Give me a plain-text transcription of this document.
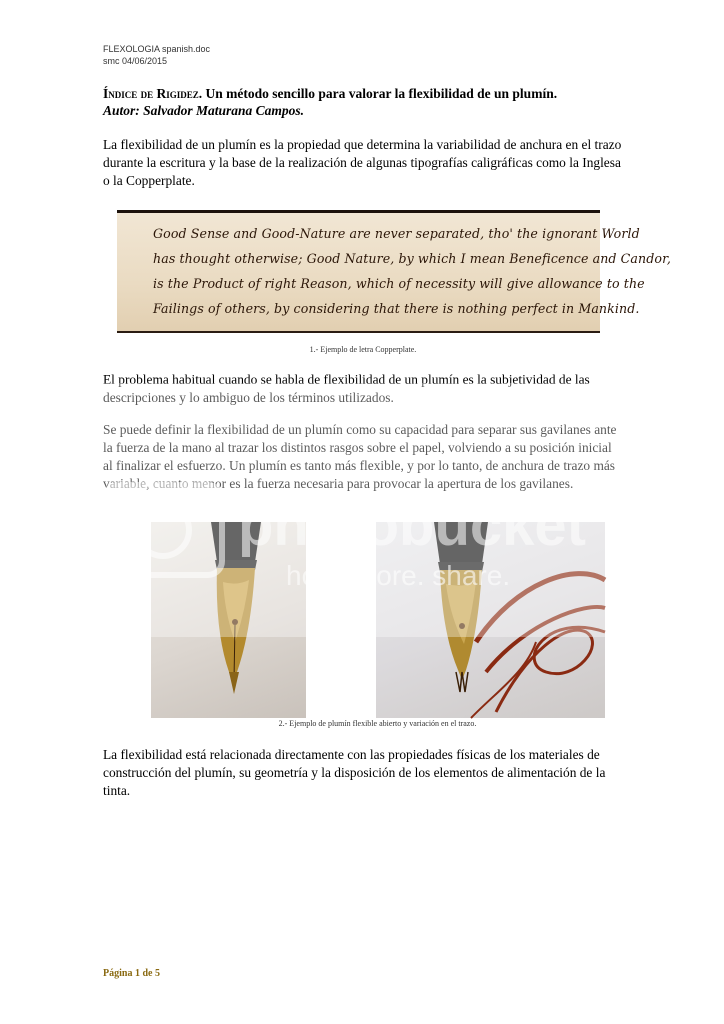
FLEXOLOGIA spanish.doc
smc 04/06/2015
Índice de Rigidez. Un método sencillo para valorar la flexibilidad de un plumín.
Autor: Salvador Maturana Campos.

La flexibilidad de un plumín es la propiedad que determina la variabilidad de anchura en el trazo durante la escritura y la base de la realización de algunas tipografías caligráficas como la Inglesa o la Copperplate.

Good Sense and Good-Nature are never separated, tho' the ignorant World
has thought otherwise; Good Nature, by which I mean Beneficence and Candor,
is the Product of right Reason, which of necessity will give allowance to the
Failings of others, by considering that there is nothing perfect in Mankind.
1.- Ejemplo de letra Copperplate.

El problema habitual cuando se habla de flexibilidad de un plumín es la subjetividad de las descripciones y lo ambiguo de los términos utilizados.

Se puede definir la flexibilidad de un plumín como su capacidad para separar sus gavilanes ante la fuerza de la mano al trazar los distintos rasgos sobre el papel, volviendo a su posición inicial al finalizar el esfuerzo. Un plumín es tanto más flexible, y por lo tanto, de anchura de trazo más variable, cuanto menor es la fuerza necesaria para provocar la apertura de los gavilanes.

2.- Ejemplo de plumín flexible abierto y variación en el trazo.

La flexibilidad está relacionada directamente con las propiedades físicas de los materiales de construcción del plumín, su geometría y la disposición de los elementos de alimentación de la tinta.

photobucket
host. store. share.
Página 1 de 5
